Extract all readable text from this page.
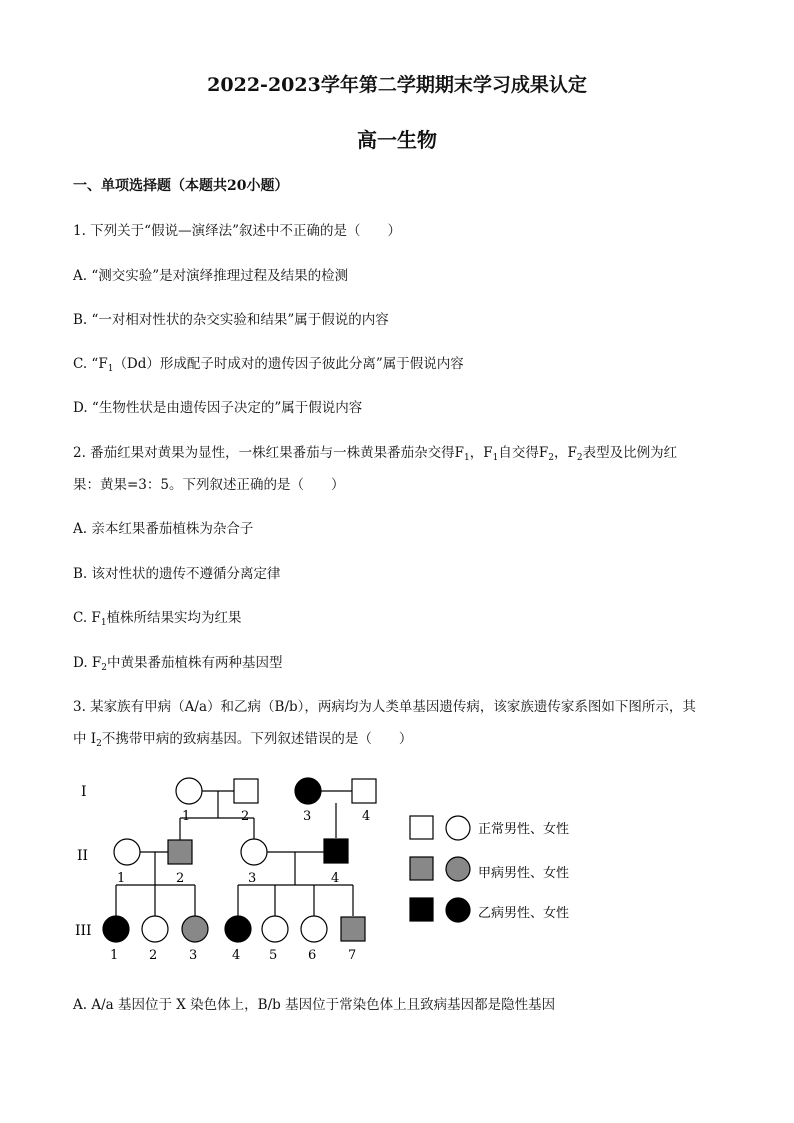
2022-2023学年第二学期期末学习成果认定
高一生物
一、单项选择题（本题共20小题）
1. 下列关于“假说—演绎法”叙述中不正确的是（　　）
A. “测交实验”是对演绎推理过程及结果的检测
B. “一对相对性状的杂交实验和结果”属于假说的内容
C. “$F_1(Dd)$形成配子时成对的遗传因子彼此分离”属于假说内容
D. “生物性状是由遗传因子决定的”属于假说内容
2. 番茄红果对黄果为显性，一株红果番茄与一株黄果番茄杂交得$F_1$，$F_1$自交得$F_2$，$F_2$表型及比例为红
果：黄果=3：5。下列叙述正确的是（　　）
A. 亲本红果番茄植株为杂合子
B. 该对性状的遗传不遵循分离定律
C. $F_1$植株所结果实均为红果
D. $F_2$中黄果番茄植株有两种基因型
3. 某家族有甲病（A/a）和乙病（B/b），两病均为人类单基因遗传病，该家族遗传家系图如下图所示，其
中 $I_2$不携带甲病的致病基因。下列叙述错误的是（　　）
I
II
III
1	2	3	4
1	2	3	4
1 2 3	4 5 6 7
正常男性、女性
甲病男性、女性
乙病男性、女性
A. A/a 基因位于 X 染色体上，B/b 基因位于常染色体上且致病基因都是隐性基因
